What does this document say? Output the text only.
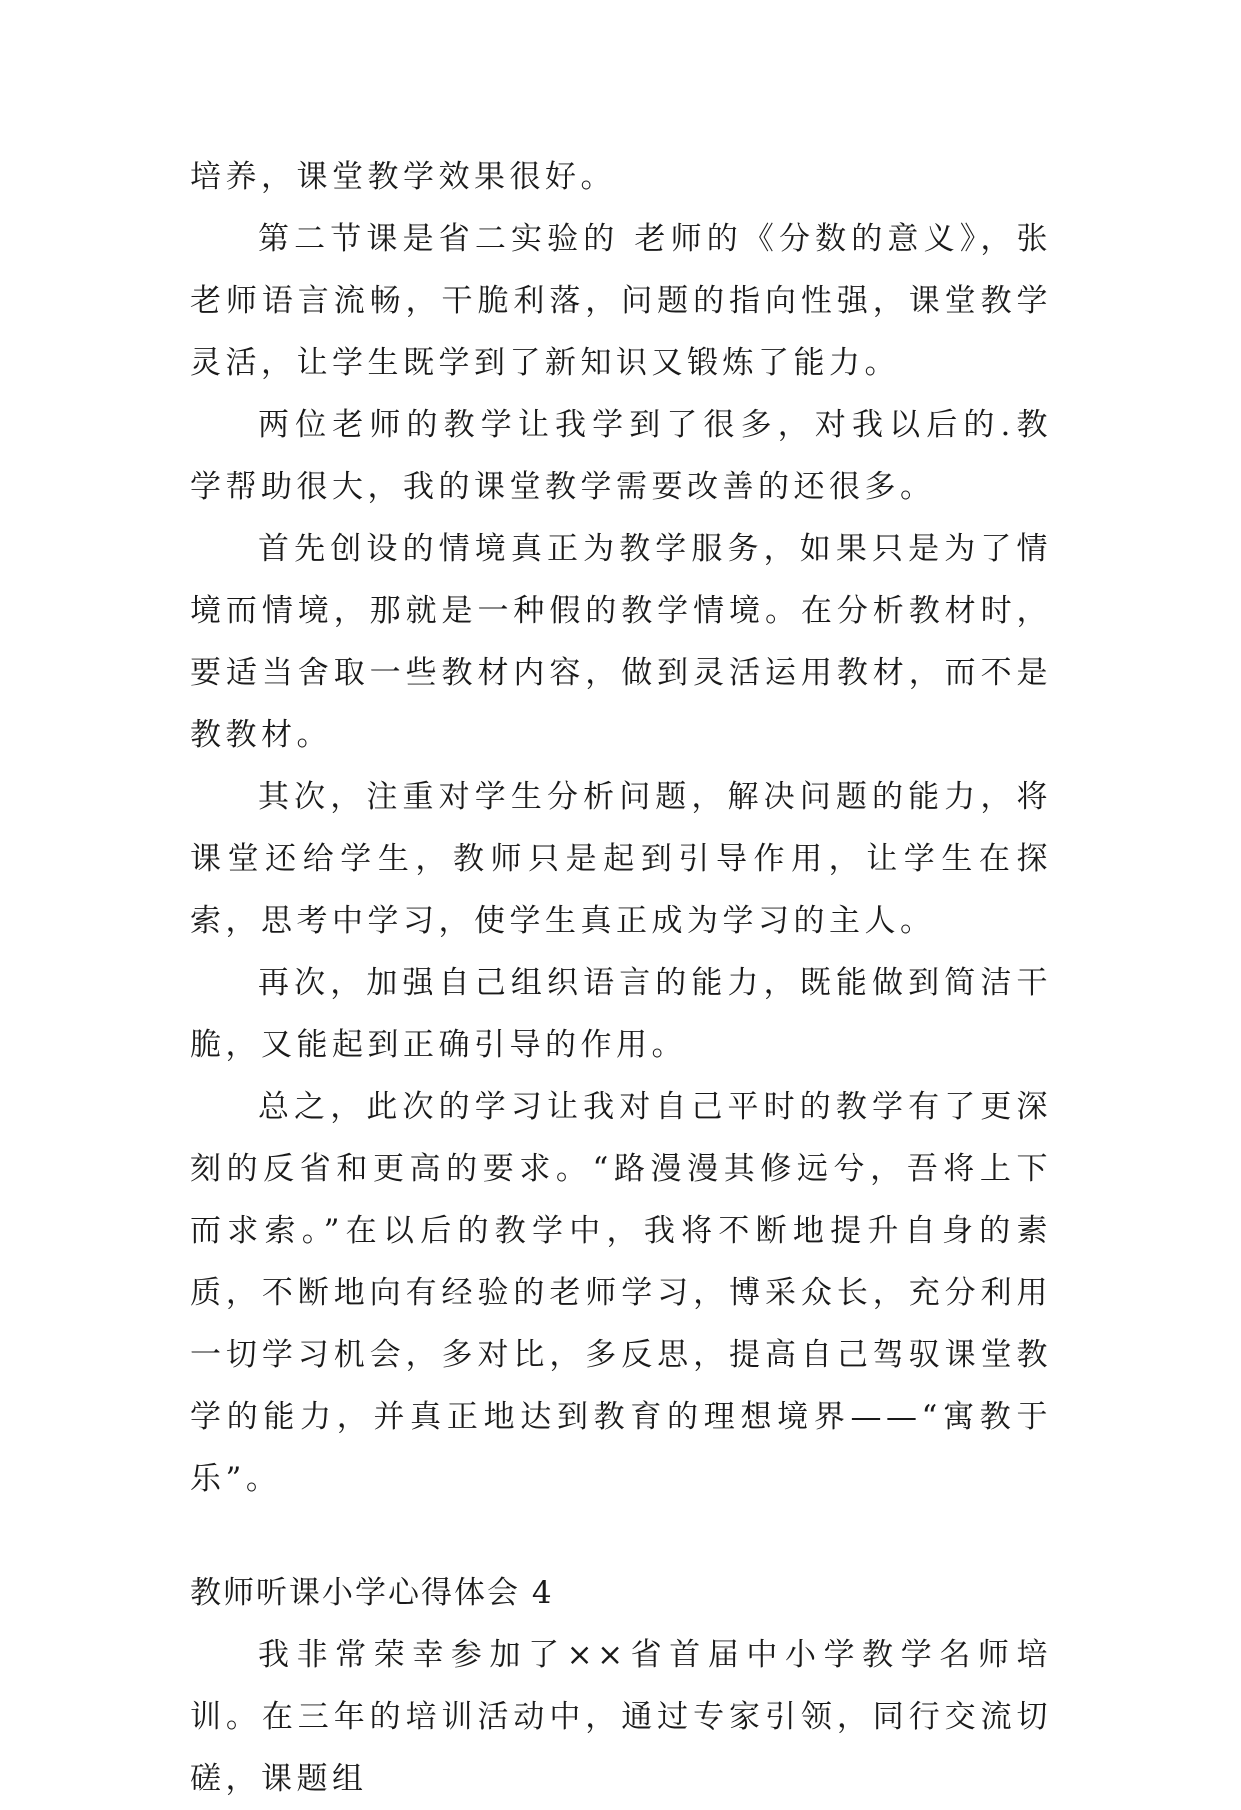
培养，课堂教学效果很好。

第二节课是省二实验的 老师的《分数的意义》，张老师语言流畅，干脆利落，问题的指向性强，课堂教学灵活，让学生既学到了新知识又锻炼了能力。

两位老师的教学让我学到了很多，对我以后的.教学帮助很大，我的课堂教学需要改善的还很多。

首先创设的情境真正为教学服务，如果只是为了情境而情境，那就是一种假的教学情境。在分析教材时，要适当舍取一些教材内容，做到灵活运用教材，而不是教教材。

其次，注重对学生分析问题，解决问题的能力，将课堂还给学生，教师只是起到引导作用，让学生在探索，思考中学习，使学生真正成为学习的主人。

再次，加强自己组织语言的能力，既能做到简洁干脆，又能起到正确引导的作用。

总之，此次的学习让我对自己平时的教学有了更深刻的反省和更高的要求。“路漫漫其修远兮，吾将上下而求索。”在以后的教学中，我将不断地提升自身的素质，不断地向有经验的老师学习，博采众长，充分利用一切学习机会，多对比，多反思，提高自己驾驭课堂教学的能力，并真正地达到教育的理想境界——“寓教于乐”。

教师听课小学心得体会 4

我非常荣幸参加了××省首届中小学教学名师培训。在三年的培训活动中，通过专家引领，同行交流切磋，课题组
